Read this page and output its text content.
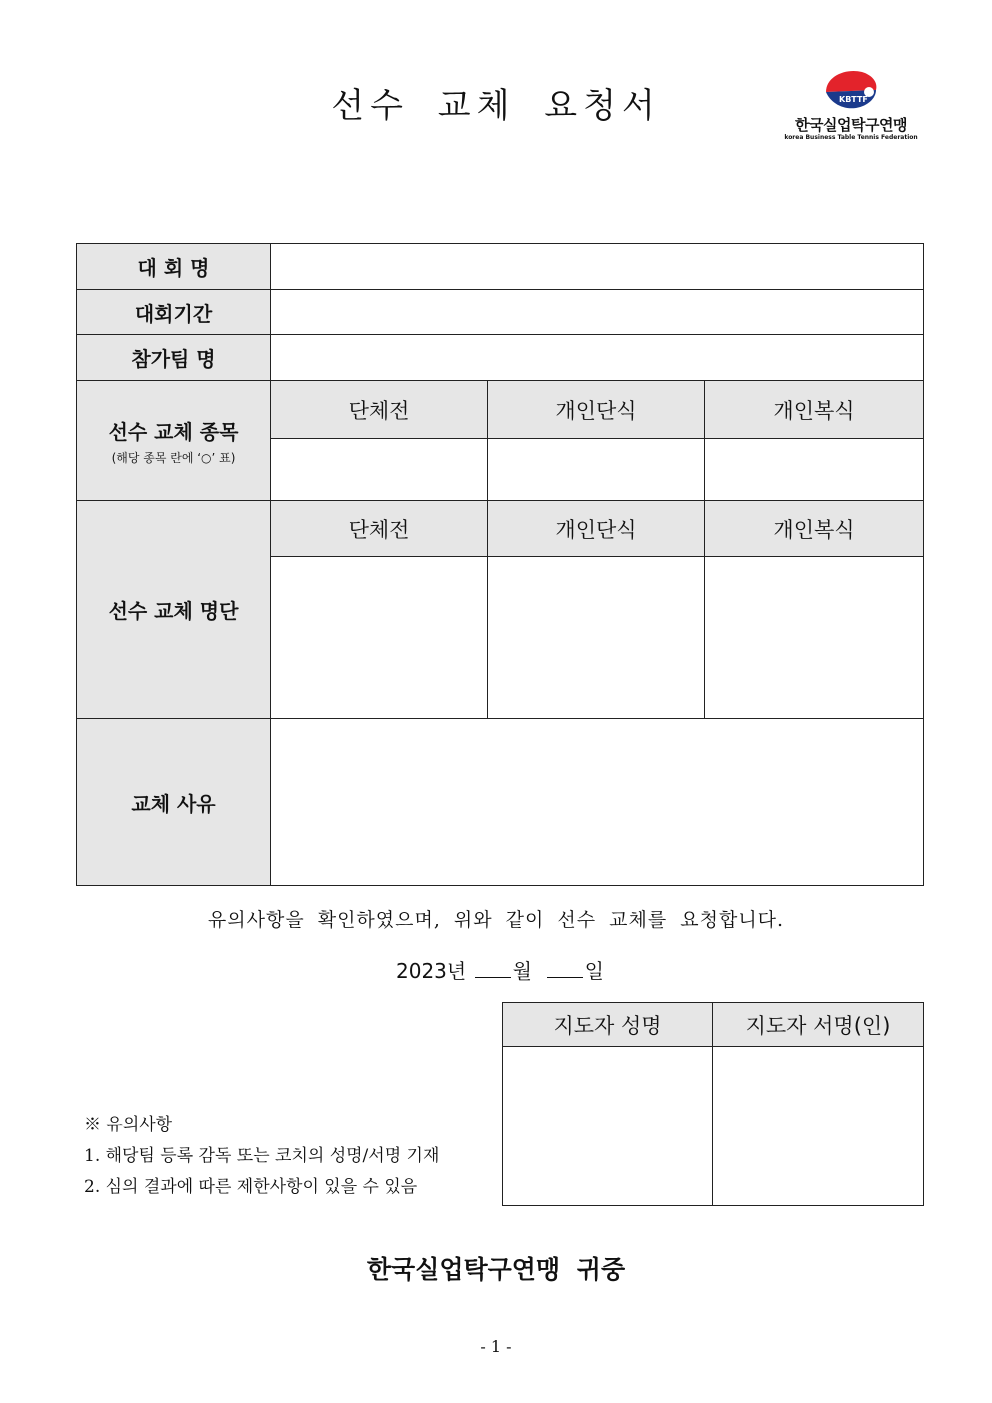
선수 교체 요청서	KBTTF
한국실업탁구연맹
korea Business Table Tennis Federation
대 회 명			
대회기간			
참가팀 명			
선수 교체 종목
(해당 종목 란에 ‘○’ 표)	단체전	개인단식	개인복식

선수 교체 명단	단체전	개인단식	개인복식

교체 사유			
유의사항을 확인하였으며, 위와 같이 선수 교체를 요청합니다.
2023년 월	일
지도자 성명	지도자 서명(인)

※ 유의사항
1. 해당팀 등록 감독 또는 코치의 성명/서명 기재
2. 심의 결과에 따른 제한사항이 있을 수 있음
한국실업탁구연맹 귀중
- 1 -
